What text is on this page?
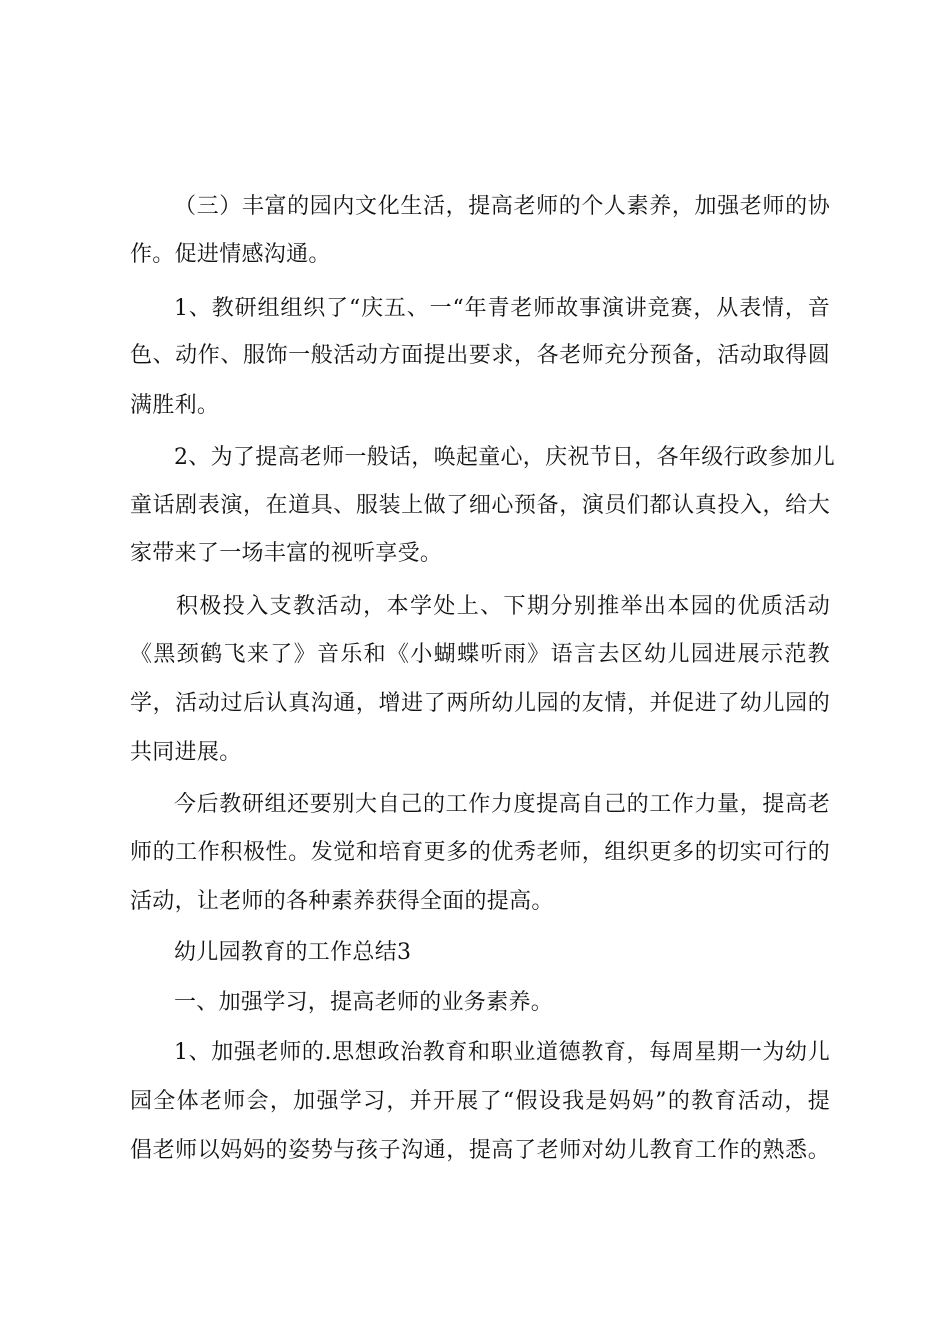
（三）丰富的园内文化生活，提高老师的个人素养，加强老师的协
作。促进情感沟通。
1、教研组组织了“庆五、一“年青老师故事演讲竞赛，从表情，音
色、动作、服饰一般活动方面提出要求，各老师充分预备，活动取得圆
满胜利。
2、为了提高老师一般话，唤起童心，庆祝节日，各年级行政参加儿
童话剧表演，在道具、服装上做了细心预备，演员们都认真投入，给大
家带来了一场丰富的视听享受。
积极投入支教活动，本学处上、下期分别推举出本园的优质活动
《黑颈鹤飞来了》音乐和《小蝴蝶听雨》语言去区幼儿园进展示范教
学，活动过后认真沟通，增进了两所幼儿园的友情，并促进了幼儿园的
共同进展。
今后教研组还要别大自己的工作力度提高自己的工作力量，提高老
师的工作积极性。发觉和培育更多的优秀老师，组织更多的切实可行的
活动，让老师的各种素养获得全面的提高。
幼儿园教育的工作总结3
一、加强学习，提高老师的业务素养。
1、加强老师的.思想政治教育和职业道德教育，每周星期一为幼儿
园全体老师会，加强学习，并开展了“假设我是妈妈”的教育活动，提
倡老师以妈妈的姿势与孩子沟通，提高了老师对幼儿教育工作的熟悉。
